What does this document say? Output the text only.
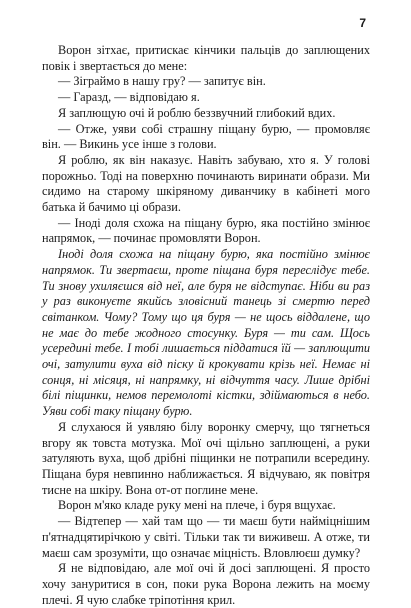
7

Ворон зітхає, притискає кінчики пальців до заплющених повік і звертається до мене:

— Зіграймо в нашу гру? — запитує він.

— Гаразд, — відповідаю я.

Я заплющую очі й роблю беззвучний глибокий вдих.

— Отже, уяви собі страшну піщану бурю, — промовляє він. — Викинь усе інше з голови.

Я роблю, як він наказує. Навіть забуваю, хто я. У голові порожньо. Тоді на поверхню починають виринати образи. Ми сидимо на старому шкіряному диванчику в кабінеті мого батька й бачимо ці образи.

— Іноді доля схожа на піщану бурю, яка постійно змінює напрямок, — починає промовляти Ворон.

Іноді доля схожа на піщану бурю, яка постійно змінює напрямок. Ти звертаєш, проте піщана буря переслідує тебе. Ти знову ухиляєшся від неї, але буря не відступає. Ніби ви раз у раз виконуєте якийсь зловісний танець зі смертю перед світанком. Чому? Тому що ця буря — не щось віддалене, що не має до тебе жодного стосунку. Буря — ти сам. Щось усередині тебе. І тобі лишається піддатися їй — заплющити очі, затулити вуха від піску й крокувати крізь неї. Немає ні сонця, ні місяця, ні напрямку, ні відчуття часу. Лише дрібні білі піщинки, немов перемолоті кістки, здіймаються в небо. Уяви собі таку піщану бурю.

Я слухаюся й уявляю білу воронку смерчу, що тягнеться вгору як товста мотузка. Мої очі щільно заплющені, а руки затуляють вуха, щоб дрібні піщинки не потрапили всередину. Піщана буря невпинно наближається. Я відчуваю, як повітря тисне на шкіру. Вона от-от поглине мене.

Ворон м'яко кладе руку мені на плече, і буря вщухає.

— Відтепер — хай там що — ти маєш бути найміцнішим п'ятнадцятирічкою у світі. Тільки так ти виживеш. А отже, ти маєш сам зрозуміти, що означає міцність. Вловлюєш думку?

Я не відповідаю, але мої очі й досі заплющені. Я просто хочу зануритися в сон, поки рука Ворона лежить на моєму плечі. Я чую слабке тріпотіння крил.
